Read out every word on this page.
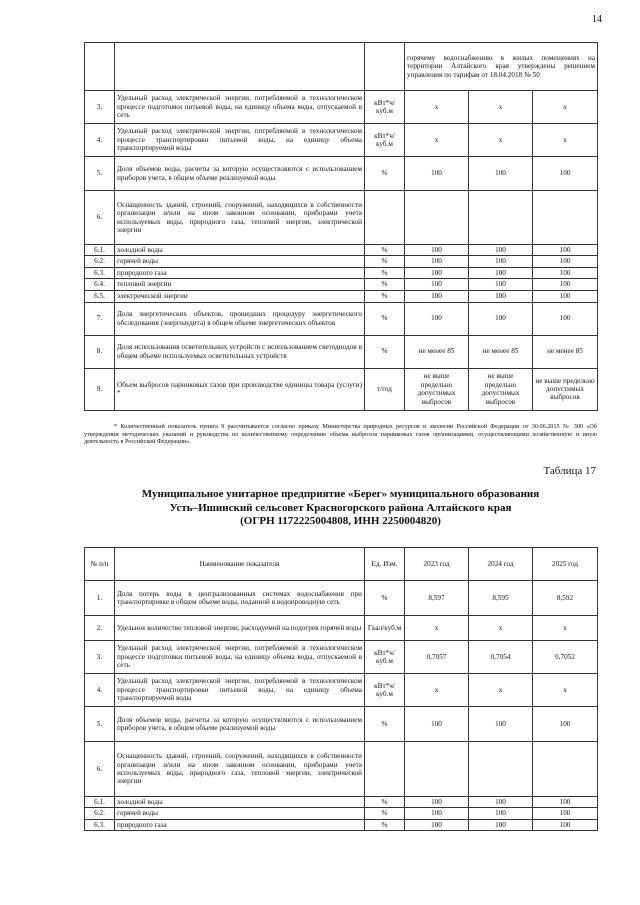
14
			горячему водоснабжению в жилых помещениях на территории Алтайского края утверждены решением управления по тарифам от 18.04.2018 № 50		
3.	Удельный расход электрической энергии, потребляемой в технологическом процессе подготовки питьевой воды, на единицу объема воды, отпускаемой в сеть	кВт*ч/куб.м	х	х	х
4.	Удельный расход электрической энергии, потребляемой в технологическом процессе транспортировки питьевой воды, на единицу объема транспортируемой воды	кВт*ч/куб.м	х	х	х
5.	Доля объемов воды, расчеты за которую осуществляются с использованием приборов учета, в общем объеме реализуемой воды	%	100	100	100
6.	Оснащенность зданий, строений, сооружений, находящихся в собственности организации и/или на ином законном основании, приборами учета используемых воды, природного газа, тепловой энергии, электрической энергии				
6.1.	холодной воды	%	100	100	100
6.2.	горячей воды	%	100	100	100
6.3.	природного газа	%	100	100	100
6.4.	тепловой энергии	%	100	100	100
6.5.	электрической энергии	%	100	100	100
7.	Доля энергетических объектов, прошедших процедуру энергетического обследования (энергоаудита) в общем объеме энергетических объектов	%	100	100	100
8.	Доля использования осветительных устройств с использованием светодиодов в общем объеме используемых осветительных устройств	%	не менее 85	не менее 85	не менее 85
9.	Объем выбросов парниковых газов при производстве единицы товара (услуги) *	т/год	не выше предельно допустимых выбросов	не выше предельно допустимых выбросов	не выше предельно допустимых выбросов
* Количественный показатель пункта 9 рассчитывается согласно приказу Министерства природных ресурсов и экологии Российской Федерации от 30.06.2015 № 300 «Об утверждении методических указаний и руководства по количественному определению объема выбросов парниковых газов организациями, осуществляющими хозяйственную и иную деятельность в Российской Федерации».
Таблица 17
Муниципальное унитарное предприятие «Берег» муниципального образования
Усть–Ишинский сельсовет Красногорского района Алтайского края
(ОГРН 1172225004808, ИНН 2250004820)
№ п/п	Наименование показателя	Ед. Изм.	2023 год	2024 год	2025 год
1.	Доля потерь воды в централизованных системах водоснабжения при транспортировке в общем объеме воды, поданной в водопроводную сеть	%	8,597	8,595	8,592
2.	Удельное количество тепловой энергии, расходуемой на подогрев горячей воды	Гкал/куб.м	х	х	х
3.	Удельный расход электрической энергии, потребляемой в технологическом процессе подготовки питьевой воды, на единицу объема воды, отпускаемой в сеть	кВт*ч/куб.м	0,7057	0,7054	0,7052
4.	Удельный расход электрической энергии, потребляемой в технологическом процессе транспортировки питьевой воды, на единицу объема транспортируемой воды	кВт*ч/куб.м	х	х	х
5.	Доля объемов воды, расчеты за которую осуществляются с использованием приборов учета, в общем объеме реализуемой воды	%	100	100	100
6.	Оснащенность зданий, строений, сооружений, находящихся в собственности организации и/или на ином законном основании, приборами учета используемых воды, природного газа, тепловой энергии, электрической энергии				
6.1.	холодной воды	%	100	100	100
6.2.	горячей воды	%	100	100	100
6.3.	природного газа	%	100	100	100
